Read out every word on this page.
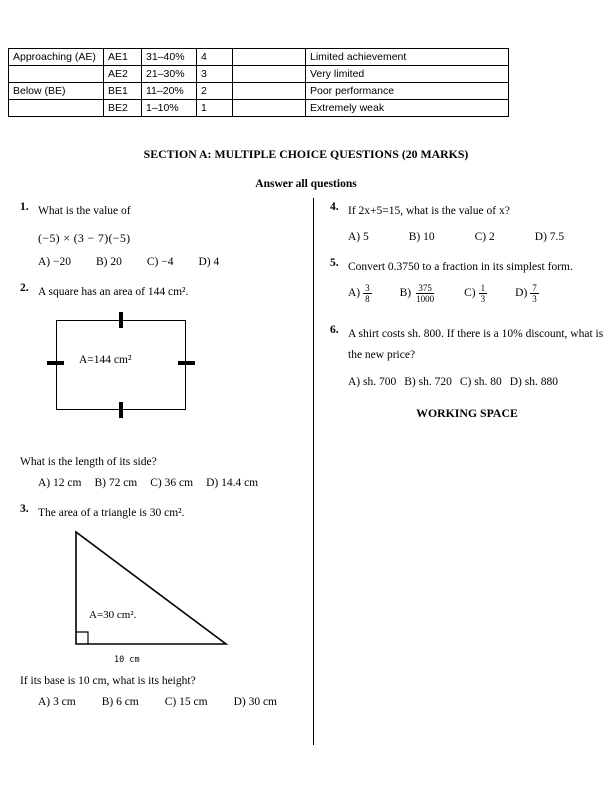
Approaching (AE)	AE1	31–40%	4		Limited achievement
	AE2	21–30%	3		Very limited
Below (BE)	BE1	11–20%	2		Poor performance
	BE2	1–10%	1		Extremely weak
SECTION A: MULTIPLE CHOICE QUESTIONS (20 MARKS)
Answer all questions
1. What is the value of
(−5) × (3 − 7)(−5)
A) −20 B) 20 C) −4 D) 4
2. A square has an area of 144 cm².
A=144 cm²
What is the length of its side?
A) 12 cm B) 72 cm C) 36 cm D) 14.4 cm
3. The area of a triangle is 30 cm².
A=30 cm².
10 cm
If its base is 10 cm, what is its height?
A) 3 cm B) 6 cm C) 15 cm D) 30 cm
4. If 2x+5=15, what is the value of x?
A) 5	B) 10	C) 2	D) 7.5
5. Convert 0.3750 to a fraction in its simplest form.
$A) \frac{3}{8} B) \frac{375}{1000} C) \frac{1}{3} D) \frac{7}{3}$
6. A shirt costs sh. 800. If there is a 10% discount, what is the new price?
A) sh. 700 B) sh. 720 C) sh. 80 D) sh. 880
WORKING SPACE
